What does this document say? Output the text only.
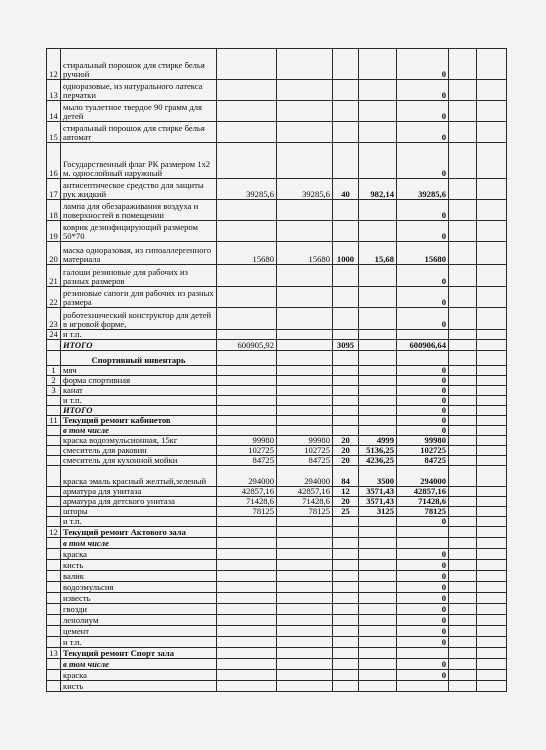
12	стиральный порошок для стирке белья ручной					0		
13	одноразовые, из натурального латекса перчатки					0		
14	мыло туалетное твердое 90 грамм для детей					0		
15	стиральный порошок для стирке белья автомат					0		
16	Государственный флаг РК размером 1х2 м. однослойный наружный					0		
17	антисептическое средство для защиты рук жидкий	39285,6	39285,6	40	982,14	39285,6		
18	лампа для обезараживания воздуха и поверхностей в помещении					0		
19	коврик дезинфицирующий размером 50*70					0		
20	маска одноразовая, из гипоаллергенного материала	15680	15680	1000	15,68	15680		
21	галоши резиновые для рабочих из разных размеров					0		
22	резиновые сапоги для рабочих из разных размера					0		
23	роботехнический конструктор для детей в игровой форме,					0		
24	и т.п.							
	ИТОГО	600905,92		3095		600906,64		
	Спортивный инвентарь							
1	мяч					0		
2	форма спортивная					0		
3	канат					0		
	и т.п.					0		
	ИТОГО					0		
11	Текущий ремонт кабинетов					0		
	в том числе					0		
	краска водоэмульсионная, 15кг	99980	99980	20	4999	99980		
	смеситель для раковин	102725	102725	20	5136,25	102725		
	смеситель для кухонной мойки	84725	84725	20	4236,25	84725		
	краска эмаль красный желтый,зеленый	294000	294000	84	3500	294000		
	арматура для унитаза	42857,16	42857,16	12	3571,43	42857,16		
	арматура для детского унитаза	71428,6	71428,6	20	3571,43	71428,6		
	шторы	78125	78125	25	3125	78125		
	и т.п.					0		
12	Текущий ремонт Актового зала							
	в том числе							
	краска					0		
	кисть					0		
	валик					0		
	водоэмульсия					0		
	известь					0		
	гвозди					0		
	ленолиум					0		
	цемент					0		
	и т.п.					0		
13	Текущий ремонт Спорт зала							
	в том числе					0		
	краска					0		
	кисть							
